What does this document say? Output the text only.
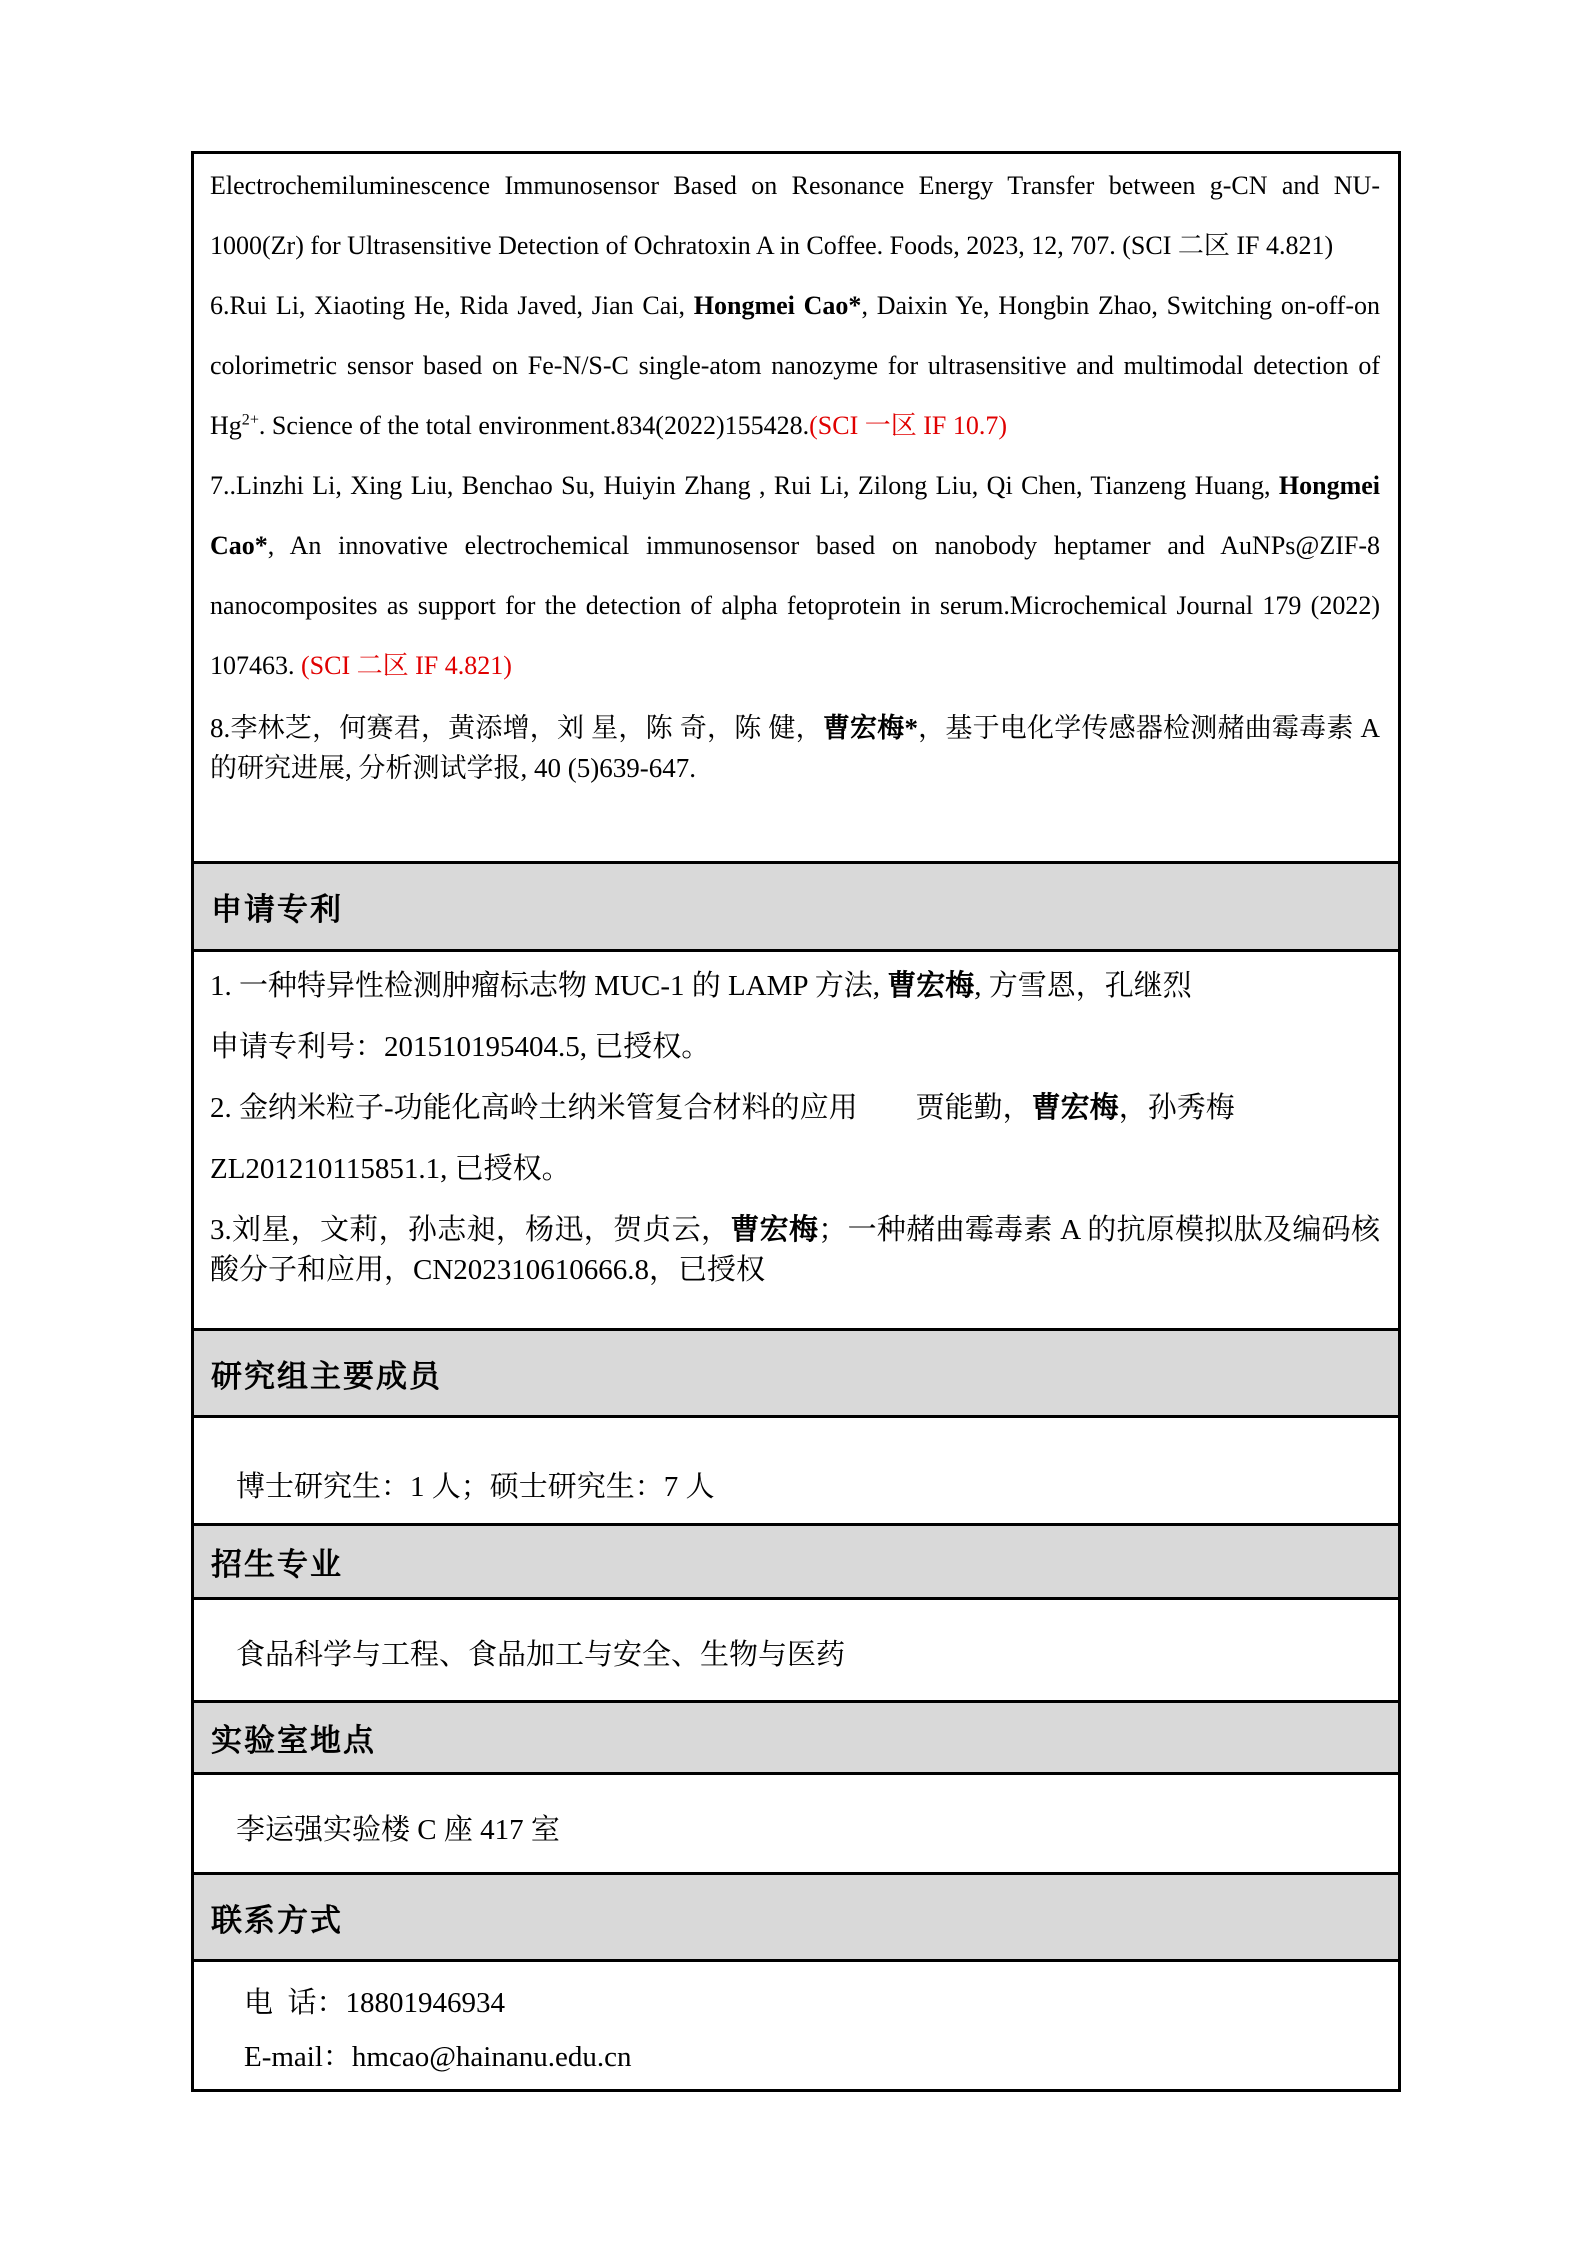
Electrochemiluminescence Immunosensor Based on Resonance Energy Transfer between g-CN and NU-1000(Zr) for Ultrasensitive Detection of Ochratoxin A in Coffee. Foods, 2023, 12, 707. (SCI 二区 IF 4.821)

6.Rui Li, Xiaoting He, Rida Javed, Jian Cai, Hongmei Cao*, Daixin Ye, Hongbin Zhao, Switching on-off-on colorimetric sensor based on Fe-N/S-C single-atom nanozyme for ultrasensitive and multimodal detection of $Hg^{2+}$. Science of the total environment.834(2022)155428.(SCI 一区 IF 10.7)

7..Linzhi Li, Xing Liu, Benchao Su, Huiyin Zhang , Rui Li, Zilong Liu, Qi Chen, Tianzeng Huang, Hongmei Cao*, An innovative electrochemical immunosensor based on nanobody heptamer and AuNPs@ZIF-8 nanocomposites as support for the detection of alpha fetoprotein in serum.Microchemical Journal 179 (2022) 107463. (SCI 二区 IF 4.821)

8.李林芝，何赛君，黄添增，刘 星，陈 奇，陈 健，曹宏梅*，基于电化学传感器检测赭曲霉毒素 A 的研究进展, 分析测试学报, 40 (5)639-647.

申请专利

1. 一种特异性检测肿瘤标志物 MUC-1 的 LAMP 方法, 曹宏梅, 方雪恩，孔继烈

申请专利号：201510195404.5, 已授权。

2. 金纳米粒子-功能化高岭土纳米管复合材料的应用　　贾能勤，曹宏梅，孙秀梅

ZL201210115851.1, 已授权。

3.刘星，文莉，孙志昶，杨迅，贺贞云，曹宏梅；一种赭曲霉毒素 A 的抗原模拟肽及编码核酸分子和应用，CN202310610666.8，已授权

研究组主要成员
博士研究生：1 人；硕士研究生：7 人
招生专业
食品科学与工程、食品加工与安全、生物与医药
实验室地点
李运强实验楼 C 座 417 室
联系方式
电  话：18801946934
E-mail：hmcao@hainanu.edu.cn
